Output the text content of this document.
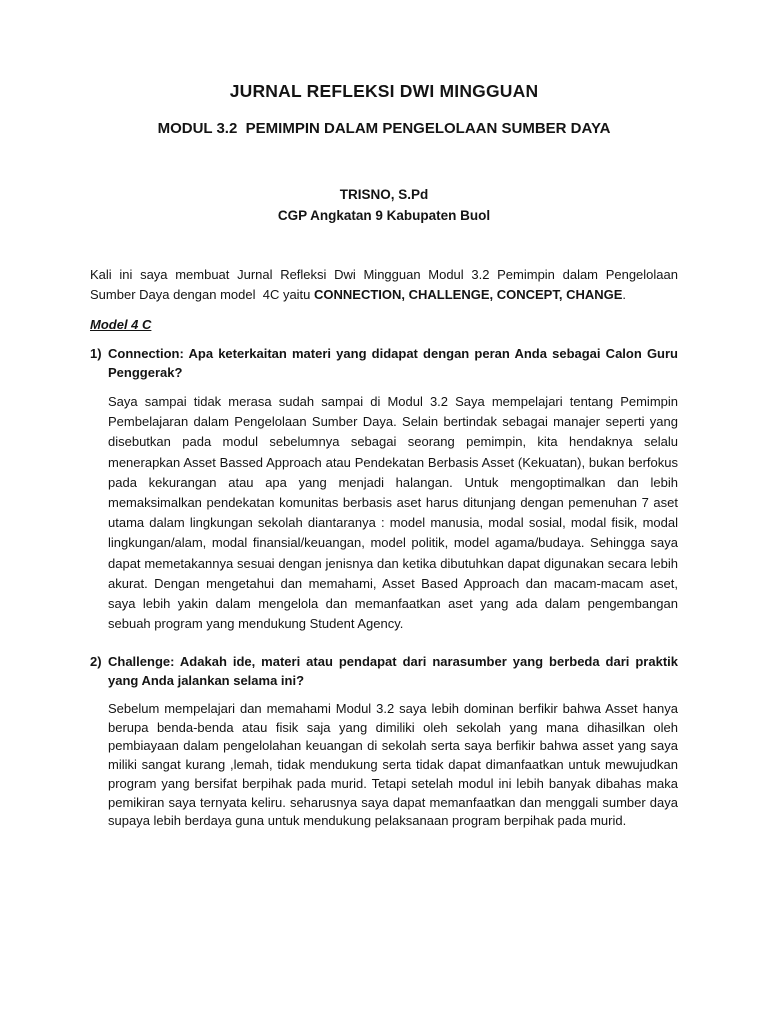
JURNAL REFLEKSI DWI MINGGUAN
MODUL 3.2  PEMIMPIN DALAM PENGELOLAAN SUMBER DAYA
TRISNO, S.Pd
CGP Angkatan 9 Kabupaten Buol

Kali ini saya membuat Jurnal Refleksi Dwi Mingguan Modul 3.2 Pemimpin dalam Pengelolaan Sumber Daya dengan model  4C yaitu CONNECTION, CHALLENGE, CONCEPT, CHANGE.

Model 4 C
1) Connection: Apa keterkaitan materi yang didapat dengan peran Anda sebagai Calon Guru Penggerak?

Saya sampai tidak merasa sudah sampai di Modul 3.2 Saya mempelajari tentang Pemimpin Pembelajaran dalam Pengelolaan Sumber Daya. Selain bertindak sebagai manajer seperti yang disebutkan pada modul sebelumnya sebagai seorang pemimpin, kita hendaknya selalu menerapkan Asset Bassed Approach atau Pendekatan Berbasis Asset (Kekuatan), bukan berfokus pada kekurangan atau apa yang menjadi halangan. Untuk mengoptimalkan dan lebih memaksimalkan pendekatan komunitas berbasis aset harus ditunjang dengan pemenuhan 7 aset utama dalam lingkungan sekolah diantaranya : model manusia, modal sosial, modal fisik, modal lingkungan/alam, modal finansial/keuangan, model politik, model agama/budaya. Sehingga saya dapat memetakannya sesuai dengan jenisnya dan ketika dibutuhkan dapat digunakan secara lebih akurat. Dengan mengetahui dan memahami, Asset Based Approach dan macam-macam aset, saya lebih yakin dalam mengelola dan memanfaatkan aset yang ada dalam pengembangan sebuah program yang mendukung Student Agency.

2) Challenge: Adakah ide, materi atau pendapat dari narasumber yang berbeda dari praktik yang Anda jalankan selama ini?

Sebelum mempelajari dan memahami Modul 3.2 saya lebih dominan berfikir bahwa Asset hanya berupa benda-benda atau fisik saja yang dimiliki oleh sekolah yang mana dihasilkan oleh pembiayaan dalam pengelolahan keuangan di sekolah serta saya berfikir bahwa asset yang saya miliki sangat kurang ,lemah, tidak mendukung serta tidak dapat dimanfaatkan untuk mewujudkan program yang bersifat berpihak pada murid. Tetapi setelah modul ini lebih banyak dibahas maka pemikiran saya ternyata keliru. seharusnya saya dapat memanfaatkan dan menggali sumber daya supaya lebih berdaya guna untuk mendukung pelaksanaan program berpihak pada murid.
